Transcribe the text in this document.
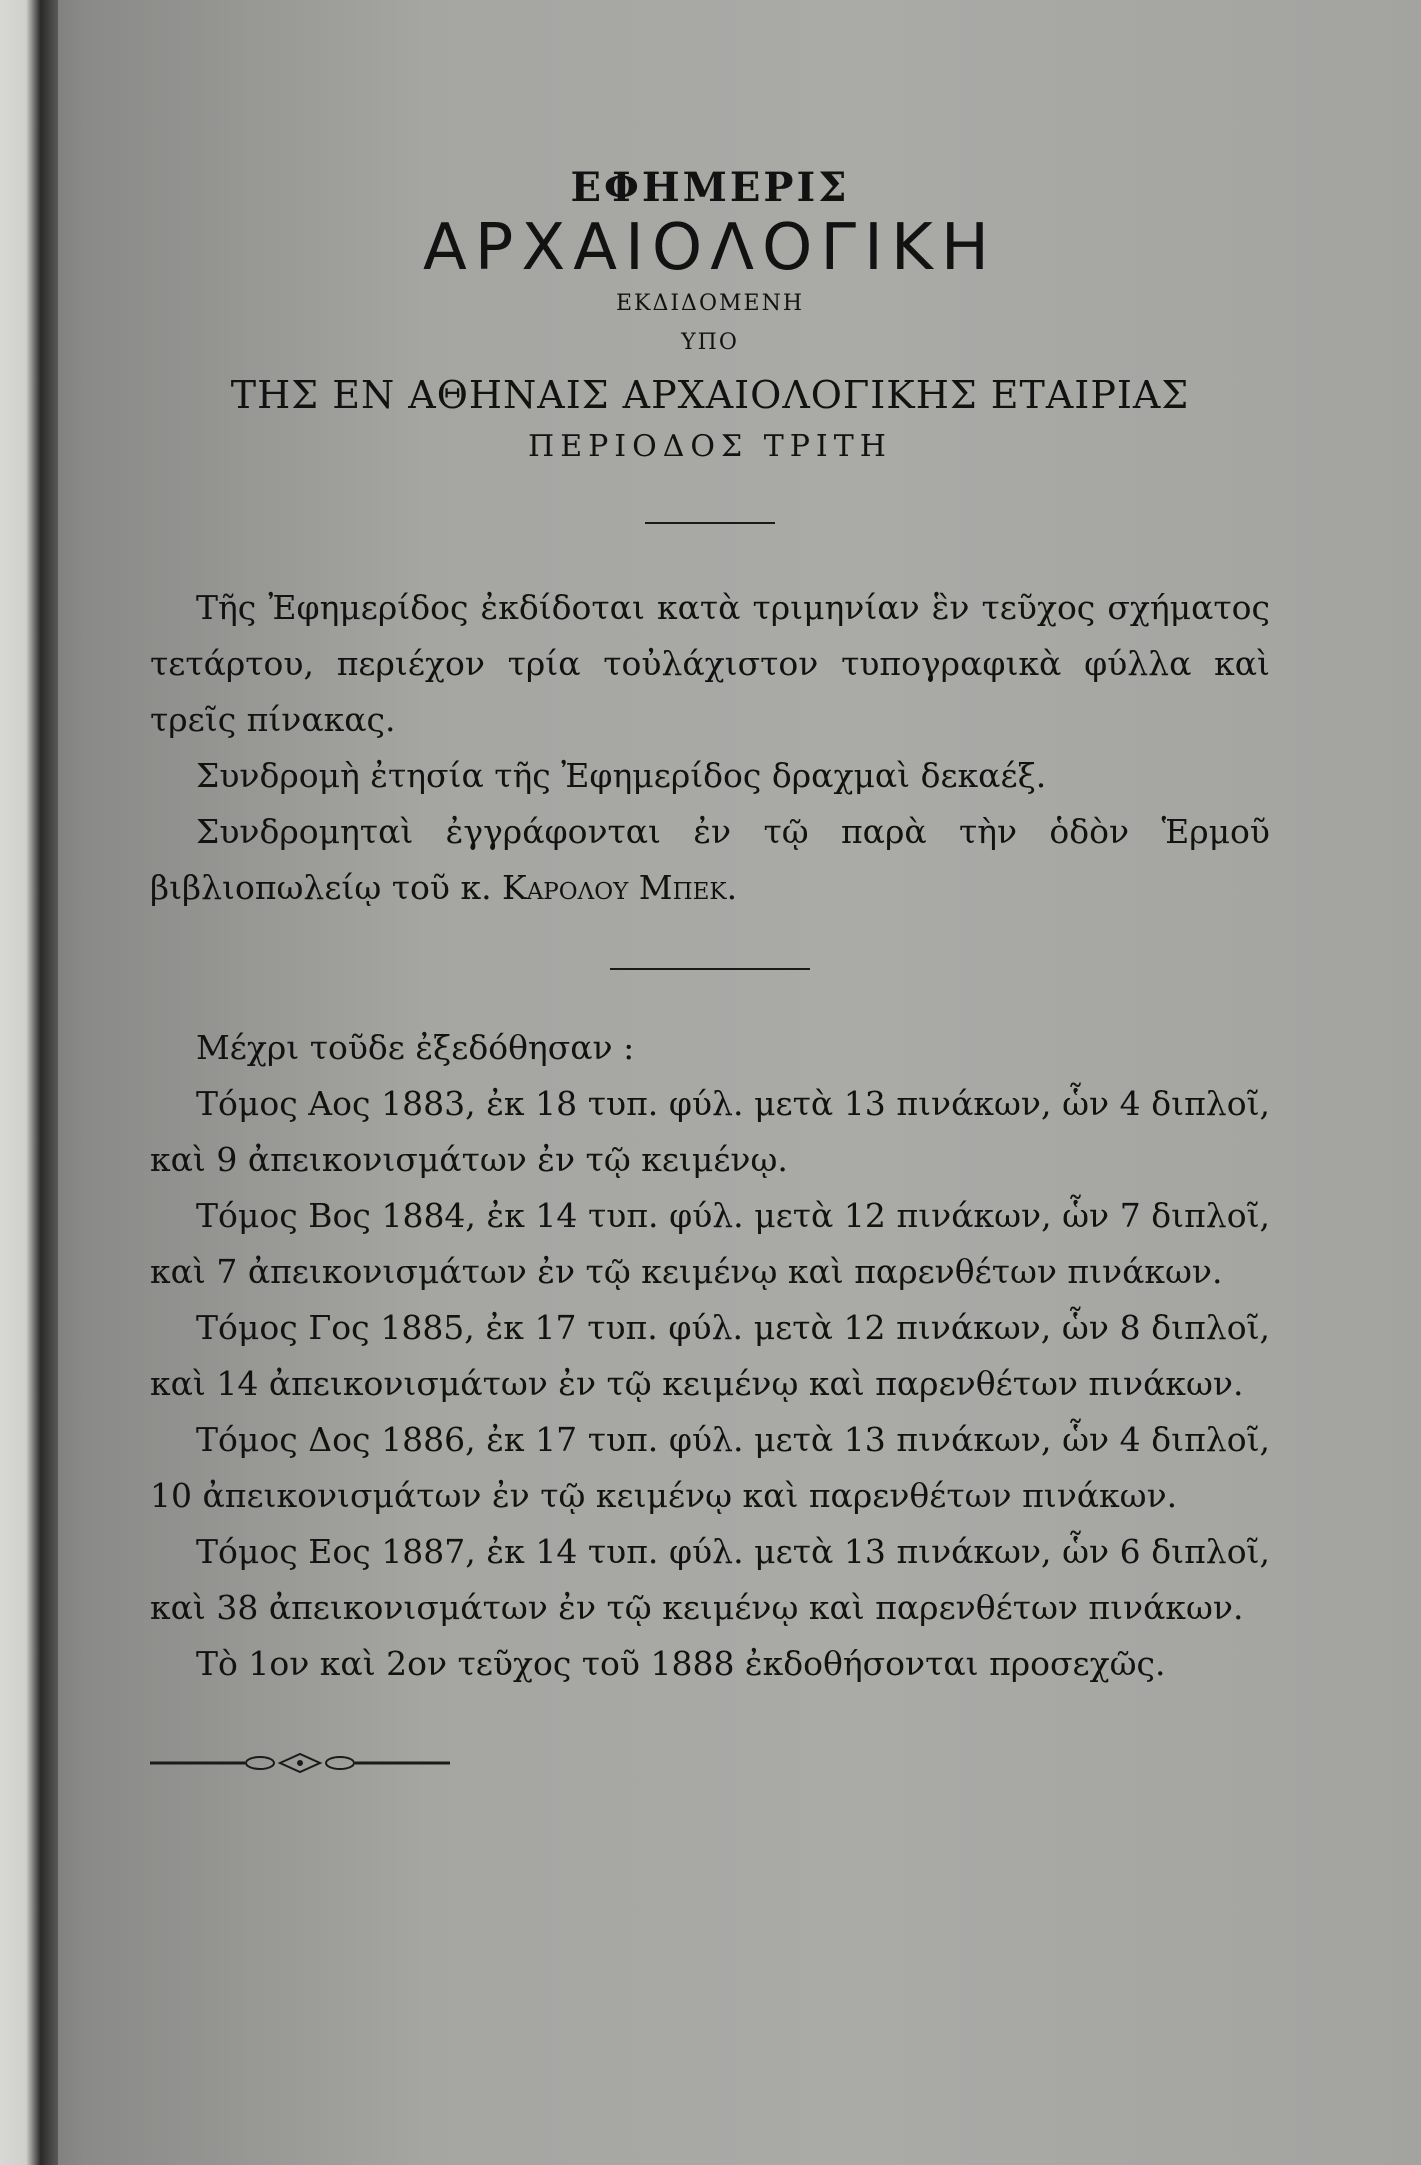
ΕΦΗΜΕΡΙΣ
ΑΡΧΑΙΟΛΟΓΙΚΗ
ΕΚΔΙΔΟΜΕΝΗ
ΥΠΟ
ΤΗΣ ΕΝ ΑΘΗΝΑΙΣ ΑΡΧΑΙΟΛΟΓΙΚΗΣ ΕΤΑΙΡΙΑΣ
ΠΕΡΙΟΔΟΣ ΤΡΙΤΗ

Τῆς Ἐφημερίδος ἐκδίδοται κατὰ τριμηνίαν ἓν τεῦχος σχήματος τετάρτου, περιέχον τρία τοὐλάχιστον τυπογραφικὰ φύλλα καὶ τρεῖς πίνακας.

Συνδρομὴ ἐτησία τῆς Ἐφημερίδος δραχμαὶ δεκαέξ.

Συνδρομηταὶ ἐγγράφονται ἐν τῷ παρὰ τὴν ὁδὸν Ἑρμοῦ βιβλιοπωλείῳ τοῦ κ. Καρολου Μπεκ.

Μέχρι τοῦδε ἐξεδόθησαν :

Τόμος Αος 1883, ἐκ 18 τυπ. φύλ. μετὰ 13 πινάκων, ὧν 4 διπλοῖ, καὶ 9 ἀπεικονισμάτων ἐν τῷ κειμένῳ.

Τόμος Βος 1884, ἐκ 14 τυπ. φύλ. μετὰ 12 πινάκων, ὧν 7 διπλοῖ, καὶ 7 ἀπεικονισμάτων ἐν τῷ κειμένῳ καὶ παρενθέτων πινάκων.

Τόμος Γος 1885, ἐκ 17 τυπ. φύλ. μετὰ 12 πινάκων, ὧν 8 διπλοῖ, καὶ 14 ἀπεικονισμάτων ἐν τῷ κειμένῳ καὶ παρενθέτων πινάκων.

Τόμος Δος 1886, ἐκ 17 τυπ. φύλ. μετὰ 13 πινάκων, ὧν 4 διπλοῖ, 10 ἀπεικονισμάτων ἐν τῷ κειμένῳ καὶ παρενθέτων πινάκων.

Τόμος Εος 1887, ἐκ 14 τυπ. φύλ. μετὰ 13 πινάκων, ὧν 6 διπλοῖ, καὶ 38 ἀπεικονισμάτων ἐν τῷ κειμένῳ καὶ παρενθέτων πινάκων.

Τὸ 1ον καὶ 2ον τεῦχος τοῦ 1888 ἐκδοθήσονται προσεχῶς.
